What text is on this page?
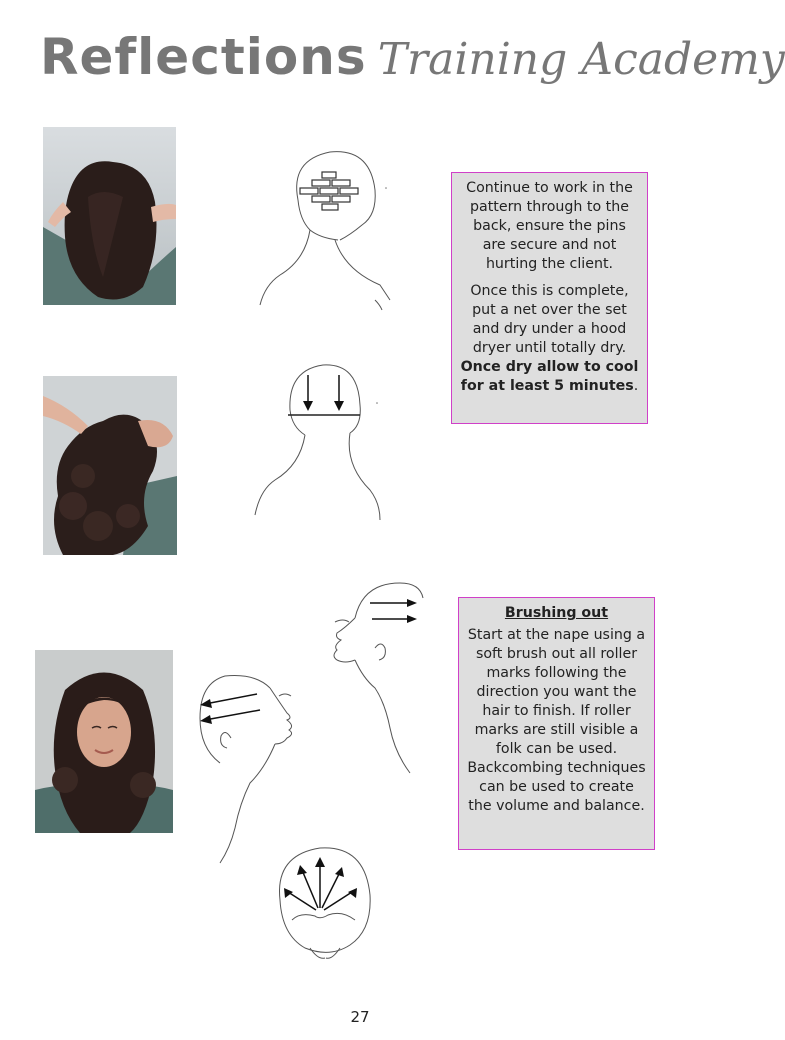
Reflections Training Academy

Continue to work in the pattern through to the back, ensure the pins are secure and not hurting the client.

Once this is complete, put a net over the set and dry under a hood dryer until totally dry. Once dry allow to cool for at least 5 minutes.

Brushing out

Start at the nape using a soft brush out all roller marks following the direction you want the hair to finish. If roller marks are still visible a folk can be used. Backcombing techniques can be used to create the volume and balance.

27
